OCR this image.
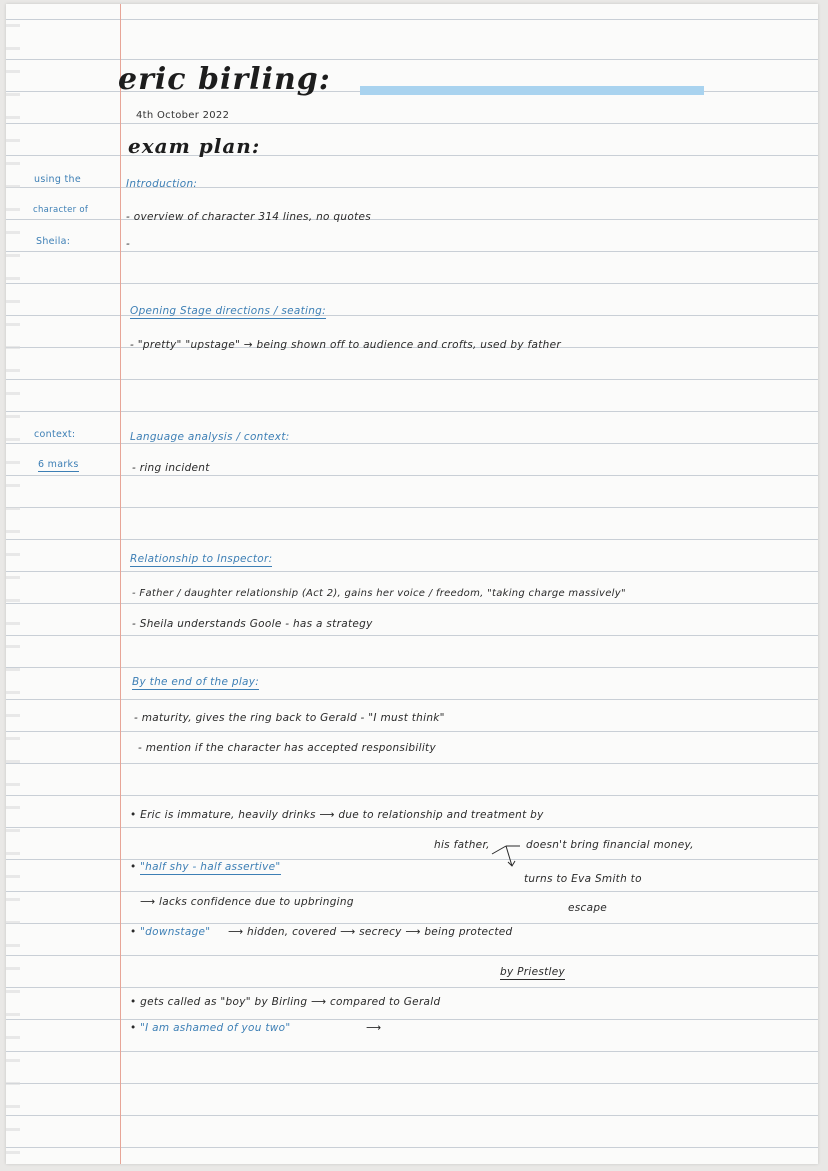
eric birling:
4th October 2022
exam plan:
using the
character of
Sheila:
context:
6 marks
Introduction:
- overview of character 314 lines, no quotes
-
Opening Stage directions / seating:
- "pretty" "upstage" → being shown off to audience and crofts, used by father
Language analysis / context:
- ring incident
Relationship to Inspector:
- Father / daughter relationship (Act 2), gains her voice / freedom, "taking charge massively"
- Sheila understands Goole - has a strategy
By the end of the play:
- maturity, gives the ring back to Gerald - "I must think"
- mention if the character has accepted responsibility
• Eric is immature, heavily drinks ⟶ due to relationship and treatment by
his father,	doesn't bring financial money,
turns to Eva Smith to
escape
• "half shy - half assertive"
⟶ lacks confidence due to upbringing
• "downstage" ⟶ hidden, covered ⟶ secrecy ⟶ being protected
by Priestley
• gets called as "boy" by Birling ⟶ compared to Gerald
• "I am ashamed of you two"	⟶
